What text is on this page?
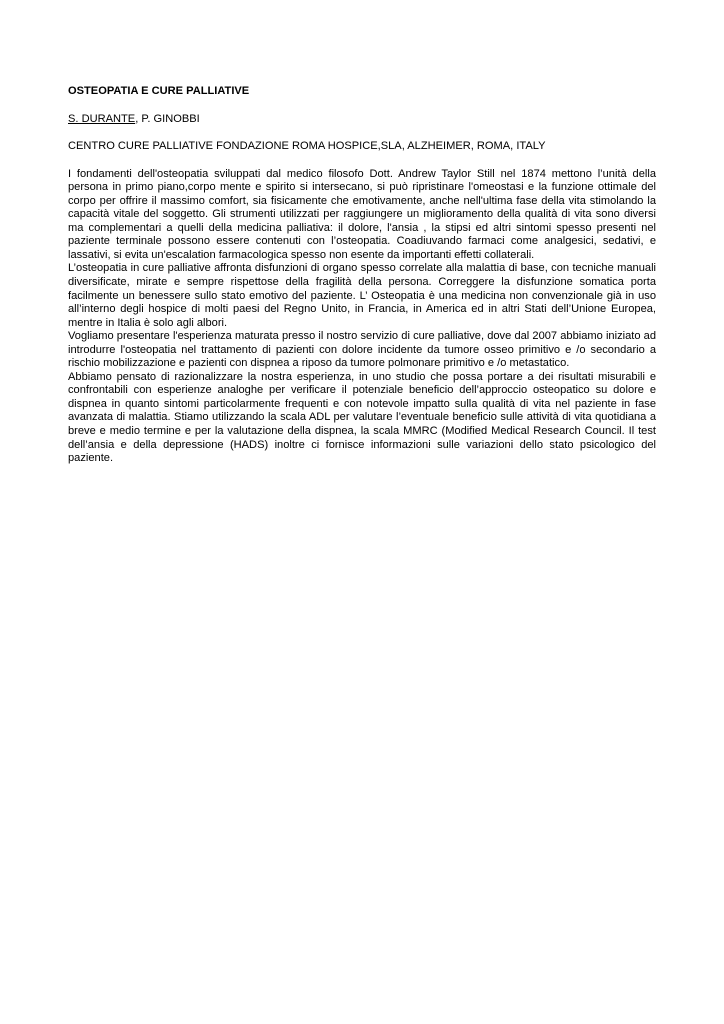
OSTEOPATIA E CURE PALLIATIVE
S. DURANTE, P. GINOBBI
CENTRO CURE PALLIATIVE FONDAZIONE ROMA HOSPICE,SLA, ALZHEIMER, ROMA, ITALY

I fondamenti dell'osteopatia sviluppati dal medico filosofo Dott. Andrew Taylor Still nel 1874 mettono l’unità della persona in primo piano,corpo mente e spirito si intersecano, si può ripristinare l'omeostasi e la funzione ottimale del corpo per offrire il massimo comfort, sia fisicamente che emotivamente, anche nell'ultima fase della vita stimolando la capacità vitale del soggetto. Gli strumenti utilizzati per raggiungere un miglioramento della qualità di vita sono diversi ma complementari a quelli della medicina palliativa: il dolore, l'ansia , la stipsi ed altri sintomi spesso presenti nel paziente terminale possono essere contenuti con l’osteopatia. Coadiuvando farmaci come analgesici, sedativi, e lassativi, si evita un'escalation farmacologica spesso non esente da importanti effetti collaterali.

L’osteopatia in cure palliative affronta disfunzioni di organo spesso correlate alla malattia di base, con tecniche manuali diversificate, mirate e sempre rispettose della fragilità della persona. Correggere la disfunzione somatica porta facilmente un benessere sullo stato emotivo del paziente. L’ Osteopatia è una medicina non convenzionale già in uso all’interno degli hospice di molti paesi del Regno Unito, in Francia, in America ed in altri Stati dell’Unione Europea, mentre in Italia è solo agli albori.

Vogliamo presentare l'esperienza maturata presso il nostro servizio di cure palliative, dove dal 2007 abbiamo iniziato ad introdurre l'osteopatia nel trattamento di pazienti con dolore incidente da tumore osseo primitivo e /o secondario a rischio mobilizzazione e pazienti con dispnea a riposo da tumore polmonare primitivo e /o metastatico.

Abbiamo pensato di razionalizzare la nostra esperienza, in uno studio che possa portare a dei risultati misurabili e confrontabili con esperienze analoghe per verificare il potenziale beneficio dell’approccio osteopatico su dolore e dispnea in quanto sintomi particolarmente frequenti e con notevole impatto sulla qualità di vita nel paziente in fase avanzata di malattia. Stiamo utilizzando la scala ADL per valutare l’eventuale beneficio sulle attività di vita quotidiana a breve e medio termine e per la valutazione della dispnea, la scala MMRC (Modified Medical Research Council. Il test dell’ansia e della depressione (HADS) inoltre ci fornisce informazioni sulle variazioni dello stato psicologico del paziente.
